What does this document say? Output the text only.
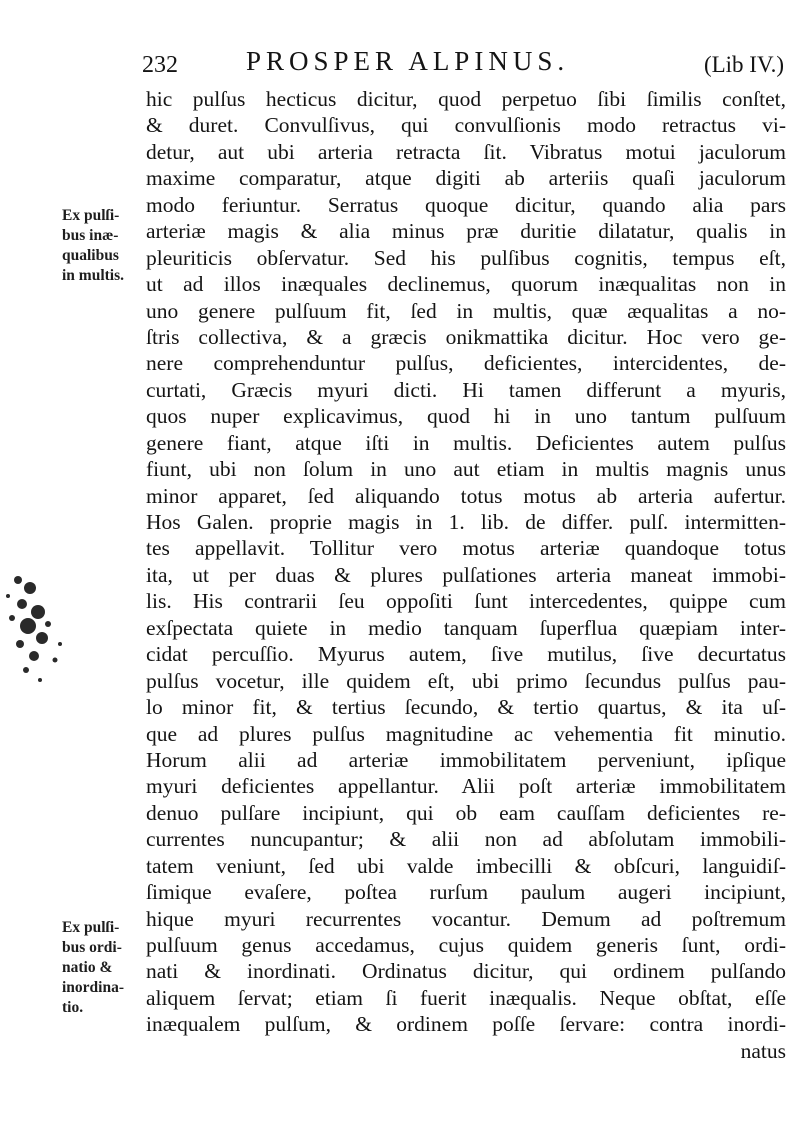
232	PROSPER ALPINUS.	(Lib IV.)
Ex pulſi-
bus inæ-
qualibus
in multis.
Ex pulſi-
bus ordi-
natio &
inordina-
tio.
hic pulſus hecticus dicitur, quod perpetuo ſibi ſimilis conſtet,
& duret. Convulſivus, qui convulſionis modo retractus vi-
detur, aut ubi arteria retracta ſit. Vibratus motui jaculorum
maxime comparatur, atque digiti ab arteriis quaſi jaculorum
modo feriuntur. Serratus quoque dicitur, quando alia pars
arteriæ magis & alia minus præ duritie dilatatur, qualis in
pleuriticis obſervatur. Sed his pulſibus cognitis, tempus eſt,
ut ad illos inæquales declinemus, quorum inæqualitas non in
uno genere pulſuum fit, ſed in multis, quæ æqualitas a no-
ſtris collectiva, & a græcis onikmattika dicitur. Hoc vero ge-
nere comprehenduntur pulſus, deficientes, intercidentes, de-
curtati, Græcis myuri dicti. Hi tamen differunt a myuris,
quos nuper explicavimus, quod hi in uno tantum pulſuum
genere fiant, atque iſti in multis. Deficientes autem pulſus
fiunt, ubi non ſolum in uno aut etiam in multis magnis unus
minor apparet, ſed aliquando totus motus ab arteria aufertur.
Hos Galen. proprie magis in 1. lib. de differ. pulſ. intermitten-
tes appellavit. Tollitur vero motus arteriæ quandoque totus
ita, ut per duas & plures pulſationes arteria maneat immobi-
lis. His contrarii ſeu oppoſiti ſunt intercedentes, quippe cum
exſpectata quiete in medio tanquam ſuperflua quæpiam inter-
cidat percuſſio. Myurus autem, ſive mutilus, ſive decurtatus
pulſus vocetur, ille quidem eſt, ubi primo ſecundus pulſus pau-
lo minor fit, & tertius ſecundo, & tertio quartus, & ita uſ-
que ad plures pulſus magnitudine ac vehementia fit minutio.
Horum alii ad arteriæ immobilitatem perveniunt, ipſique
myuri deficientes appellantur. Alii poſt arteriæ immobilitatem
denuo pulſare incipiunt, qui ob eam cauſſam deficientes re-
currentes nuncupantur; & alii non ad abſolutam immobili-
tatem veniunt, ſed ubi valde imbecilli & obſcuri, languidiſ-
ſimique evaſere, poſtea rurſum paulum augeri incipiunt,
hique myuri recurrentes vocantur. Demum ad poſtremum
pulſuum genus accedamus, cujus quidem generis ſunt, ordi-
nati & inordinati. Ordinatus dicitur, qui ordinem pulſando
aliquem ſervat; etiam ſi fuerit inæqualis. Neque obſtat, eſſe
inæqualem pulſum, & ordinem poſſe ſervare: contra inordi-
natus
